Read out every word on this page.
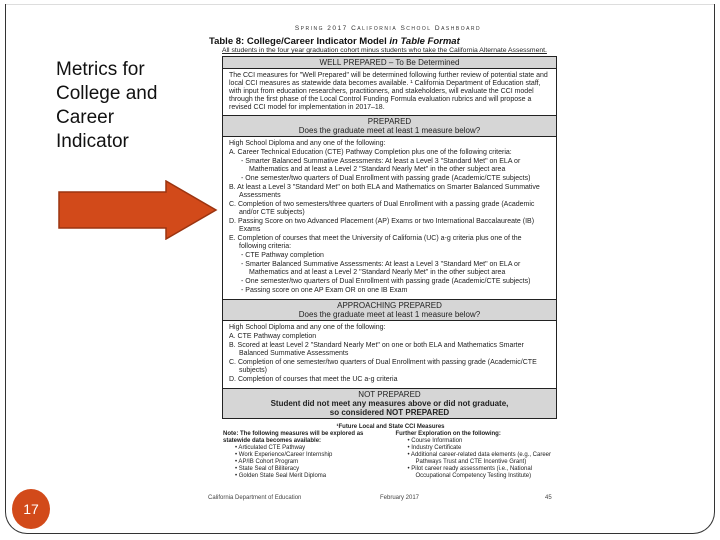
Metrics for College and Career Indicator
17
Spring 2017 California School Dashboard
Table 8: College/Career Indicator Model in Table Format
All students in the four year graduation cohort minus students who take the California Alternate Assessment.
WELL PREPARED – To Be Determined
The CCI measures for "Well Prepared" will be determined following further review of potential state and local CCI measures as statewide data becomes available. ¹ California Department of Education staff, with input from education researchers, practitioners, and stakeholders, will evaluate the CCI model through the first phase of the Local Control Funding Formula evaluation rubrics and will propose a revised CCI model for implementation in 2017–18.
PREPARED
Does the graduate meet at least 1 measure below?

High School Diploma and any one of the following:

A. Career Technical Education (CTE) Pathway Completion plus one of the following criteria:

- Smarter Balanced Summative Assessments: At least a Level 3 "Standard Met" on ELA or Mathematics and at least a Level 2 "Standard Nearly Met" in the other subject area

- One semester/two quarters of Dual Enrollment with passing grade (Academic/CTE subjects)

B. At least a Level 3 "Standard Met" on both ELA and Mathematics on Smarter Balanced Summative Assessments

C. Completion of two semesters/three quarters of Dual Enrollment with a passing grade (Academic and/or CTE subjects)

D. Passing Score on two Advanced Placement (AP) Exams or two International Baccalaureate (IB) Exams

E. Completion of courses that meet the University of California (UC) a-g criteria plus one of the following criteria:

- CTE Pathway completion

- Smarter Balanced Summative Assessments: At least a Level 3 "Standard Met" on ELA or Mathematics and at least a Level 2 "Standard Nearly Met" in the other subject area

- One semester/two quarters of Dual Enrollment with passing grade (Academic/CTE subjects)

- Passing score on one AP Exam OR on one IB Exam

APPROACHING PREPARED
Does the graduate meet at least 1 measure below?

High School Diploma and any one of the following:

A. CTE Pathway completion

B. Scored at least Level 2 "Standard Nearly Met" on one or both ELA and Mathematics Smarter Balanced Summative Assessments

C. Completion of one semester/two quarters of Dual Enrollment with passing grade (Academic/CTE subjects)

D. Completion of courses that meet the UC a-g criteria

NOT PREPARED
Student did not meet any measures above or did not graduate,
so considered NOT PREPARED
¹Future Local and State CCI Measures
Note: The following measures will be explored as statewide data becomes available:

• Articulated CTE Pathway

• Work Experience/Career Internship

• AP/IB Cohort Program

• State Seal of Biliteracy

• Golden State Seal Merit Diploma

Further Exploration on the following:

• Course Information

• Industry Certificate

• Additional career-related data elements (e.g., Career Pathways Trust and CTE Incentive Grant)

• Pilot career ready assessments (i.e., National Occupational Competency Testing Institute)

California Department of Education	February 2017	45
